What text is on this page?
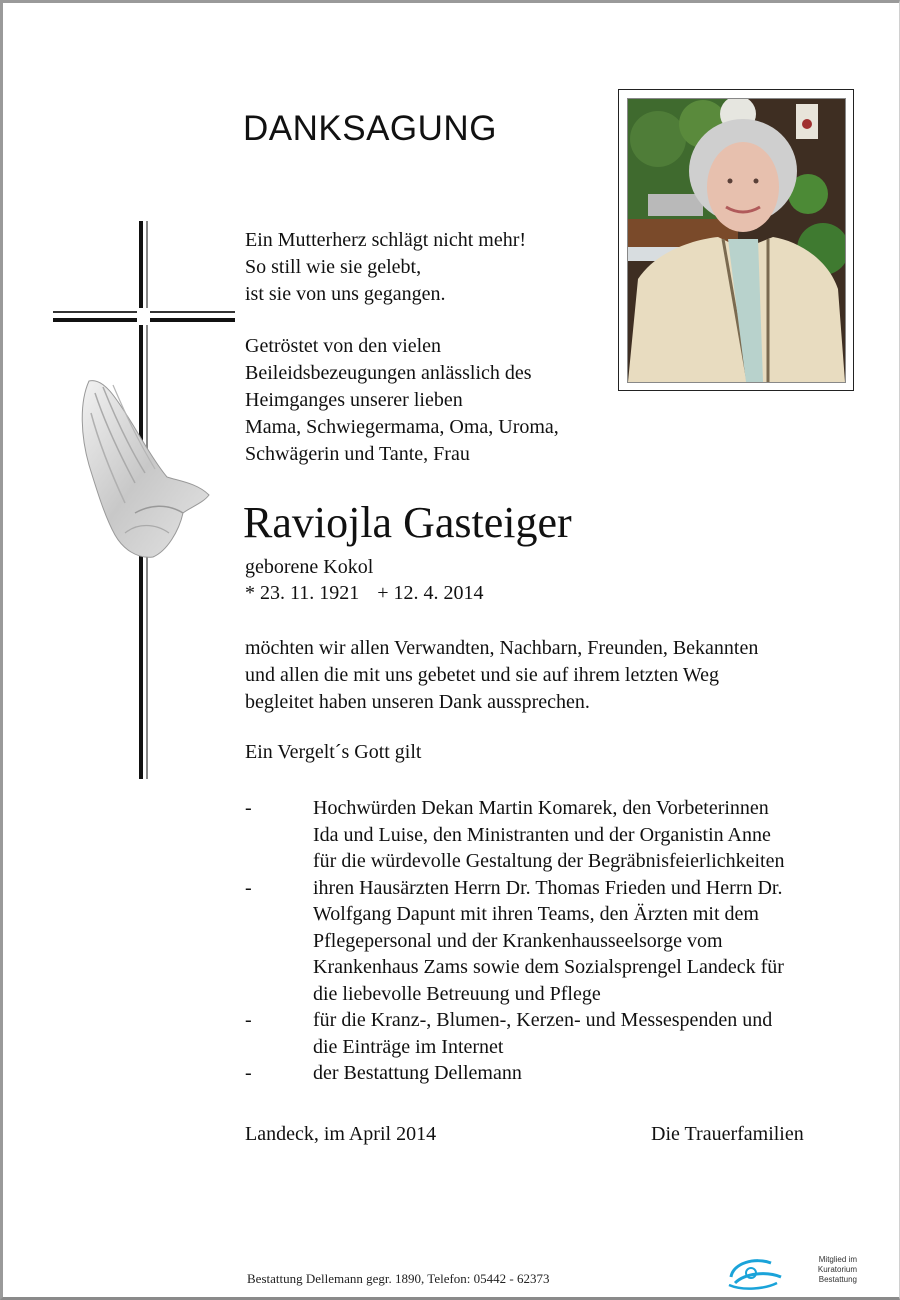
DANKSAGUNG
Ein Mutterherz schlägt nicht mehr!
So still wie sie gelebt,
ist sie von uns gegangen.
Getröstet von den vielen
Beileidsbezeugungen anlässlich des
Heimganges unserer lieben
Mama, Schwiegermama, Oma, Uroma,
Schwägerin und Tante, Frau
Raviojla Gasteiger
geborene Kokol
* 23. 11. 1921 + 12. 4. 2014
möchten wir allen Verwandten, Nachbarn, Freunden, Bekannten
und allen die mit uns gebetet und sie auf ihrem letzten Weg
begleitet haben unseren Dank aussprechen.
Ein Vergelt´s Gott gilt
-	Hochwürden Dekan Martin Komarek, den Vorbeterinnen
Ida und Luise, den Ministranten und der Organistin Anne
für die würdevolle Gestaltung der Begräbnisfeierlichkeiten
-	ihren Hausärzten Herrn Dr. Thomas Frieden und Herrn Dr.
Wolfgang Dapunt mit ihren Teams, den Ärzten mit dem
Pflegepersonal und der Krankenhausseelsorge vom
Krankenhaus Zams sowie dem Sozialsprengel Landeck für
die liebevolle Betreuung und Pflege
-	für die Kranz-, Blumen-, Kerzen- und Messespenden und
die Einträge im Internet
-	der Bestattung Dellemann
Landeck, im April 2014	Die Trauerfamilien
Bestattung Dellemann gegr. 1890, Telefon: 05442 - 62373
Mitglied im
Kuratorium Bestattung
